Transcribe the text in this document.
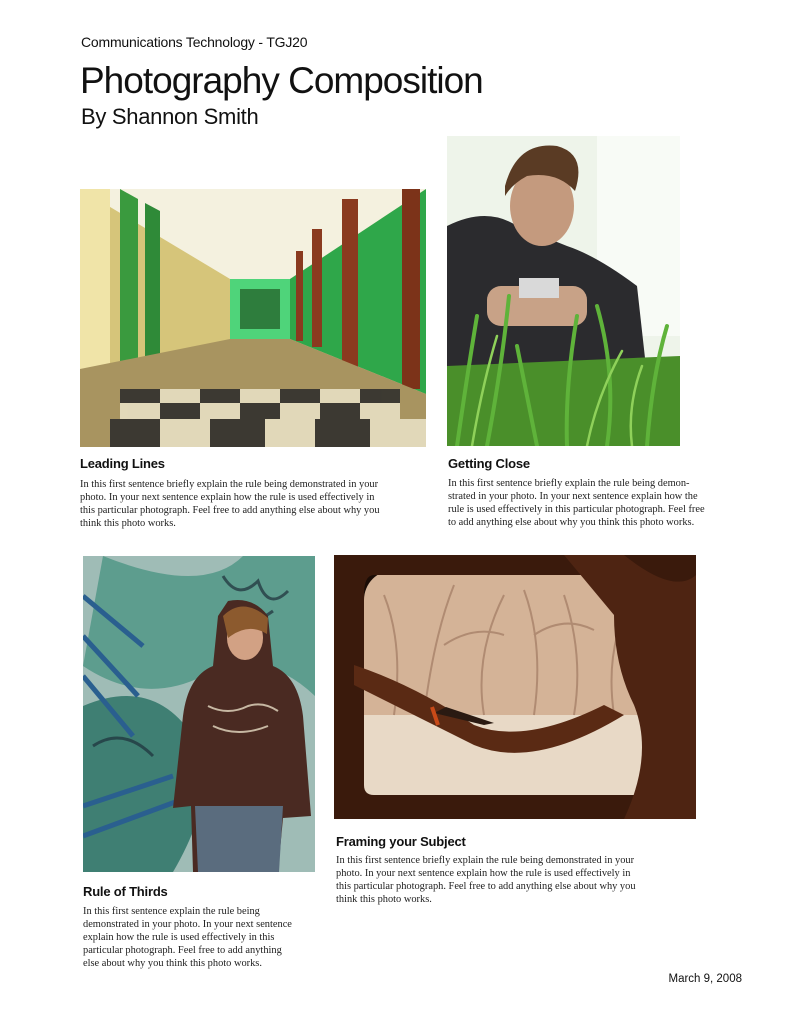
Communications Technology - TGJ20
Photography Composition
By Shannon Smith
Leading Lines
In this first sentence briefly explain the rule being demonstrated in your
photo. In your next sentence explain how the rule is used effectively in
this particular photograph. Feel free to add anything else about why you
think this photo works.
Getting Close
In this first sentence briefly explain the rule being demon-
strated in your photo. In your next sentence explain how the
rule is used effectively in this particular photograph. Feel free
to add anything else about why you think this photo works.
Framing your Subject
In this first sentence briefly explain the rule being demonstrated in your
photo. In your next sentence explain how the rule is used effectively in
this particular photograph. Feel free to add anything else about why you
think this photo works.
Rule of Thirds
In this first sentence explain the rule being
demonstrated in your photo. In your next sentence
explain how the rule is used effectively in this
particular photograph. Feel free to add anything
else about why you think this photo works.
March 9, 2008
